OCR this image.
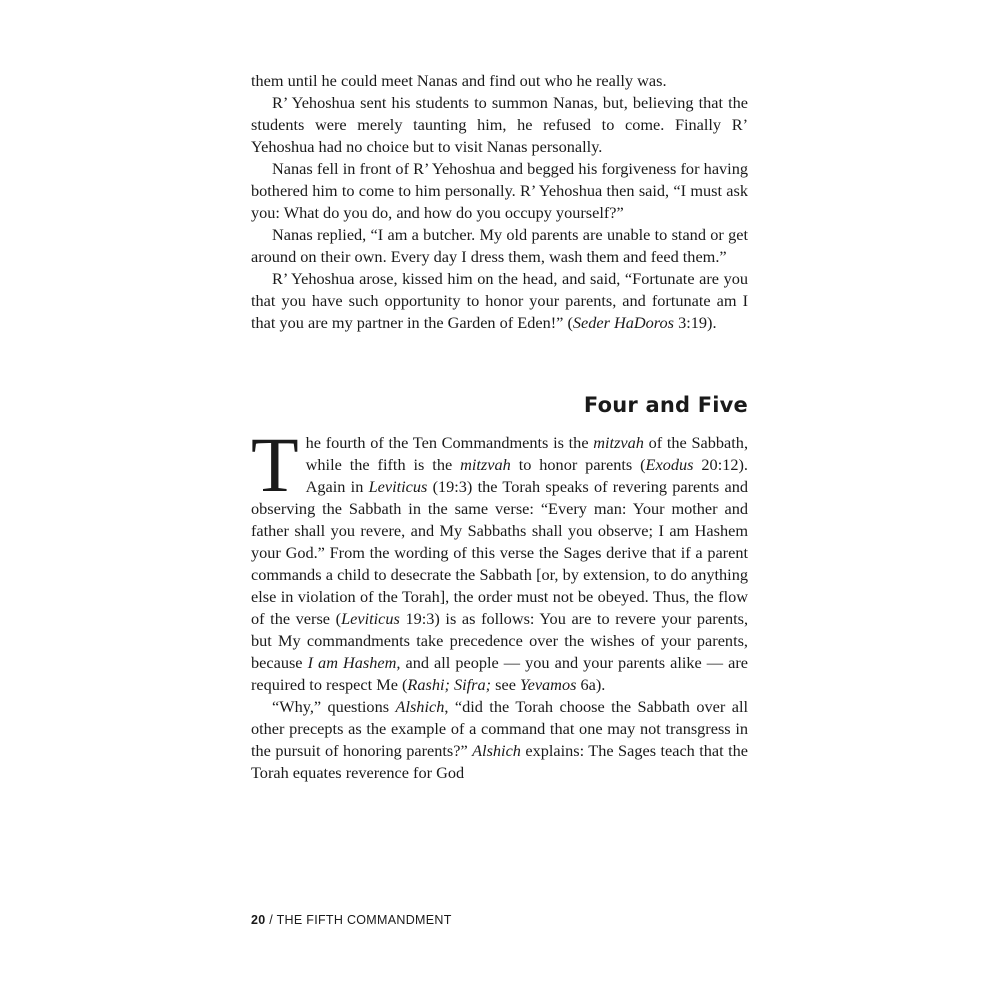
them until he could meet Nanas and find out who he really was.

R’ Yehoshua sent his students to summon Nanas, but, believing that the students were merely taunting him, he refused to come. Finally R’ Yehoshua had no choice but to visit Nanas personally.

Nanas fell in front of R’ Yehoshua and begged his forgiveness for having bothered him to come to him personally. R’ Yehoshua then said, “I must ask you: What do you do, and how do you occupy yourself?”

Nanas replied, “I am a butcher. My old parents are unable to stand or get around on their own. Every day I dress them, wash them and feed them.”

R’ Yehoshua arose, kissed him on the head, and said, “Fortunate are you that you have such opportunity to honor your parents, and fortunate am I that you are my partner in the Garden of Eden!” (Seder HaDoros 3:19).

Four and Five

The fourth of the Ten Commandments is the mitzvah of the Sabbath, while the fifth is the mitzvah to honor parents (Exodus 20:12). Again in Leviticus (19:3) the Torah speaks of revering parents and observing the Sabbath in the same verse: “Every man: Your mother and father shall you revere, and My Sabbaths shall you observe; I am Hashem your God.” From the wording of this verse the Sages derive that if a parent commands a child to desecrate the Sabbath [or, by extension, to do anything else in violation of the Torah], the order must not be obeyed. Thus, the flow of the verse (Leviticus 19:3) is as follows: You are to revere your parents, but My commandments take precedence over the wishes of your parents, because I am Hashem, and all people — you and your parents alike — are required to respect Me (Rashi; Sifra; see Yevamos 6a).

“Why,” questions Alshich, “did the Torah choose the Sabbath over all other precepts as the example of a command that one may not transgress in the pursuit of honoring parents?” Alshich explains: The Sages teach that the Torah equates reverence for God

20 / THE FIFTH COMMANDMENT
